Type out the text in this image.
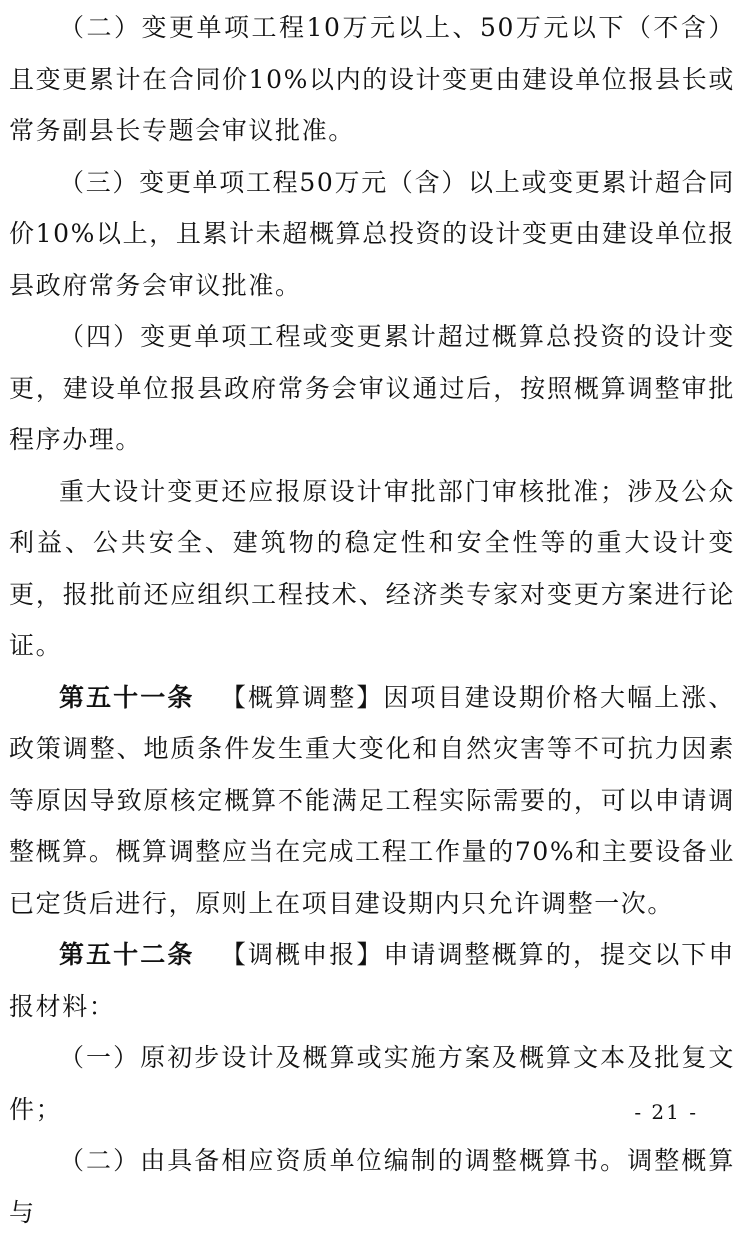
（二）变更单项工程10万元以上、50万元以下（不含）且变更累计在合同价10%以内的设计变更由建设单位报县长或常务副县长专题会审议批准。

（三）变更单项工程50万元（含）以上或变更累计超合同价10%以上，且累计未超概算总投资的设计变更由建设单位报县政府常务会审议批准。

（四）变更单项工程或变更累计超过概算总投资的设计变更，建设单位报县政府常务会审议通过后，按照概算调整审批程序办理。

重大设计变更还应报原设计审批部门审核批准；涉及公众利益、公共安全、建筑物的稳定性和安全性等的重大设计变更，报批前还应组织工程技术、经济类专家对变更方案进行论证。

第五十一条 【概算调整】因项目建设期价格大幅上涨、政策调整、地质条件发生重大变化和自然灾害等不可抗力因素等原因导致原核定概算不能满足工程实际需要的，可以申请调整概算。概算调整应当在完成工程工作量的70%和主要设备业已定货后进行，原则上在项目建设期内只允许调整一次。

第五十二条 【调概申报】申请调整概算的，提交以下申报材料：

（一）原初步设计及概算或实施方案及概算文本及批复文件；

（二）由具备相应资质单位编制的调整概算书。调整概算与

- 21 -
